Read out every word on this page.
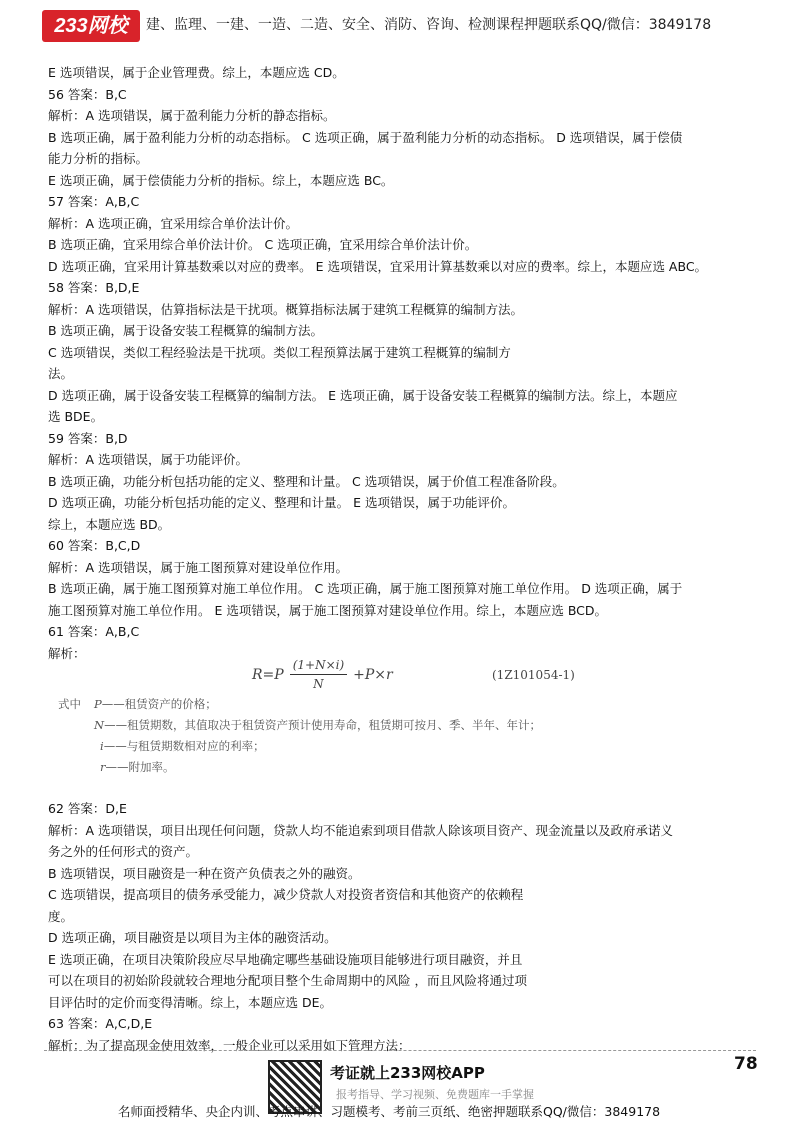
233网校	建、监理、一建、一造、二造、安全、消防、咨询、检测课程押题联系QQ/微信：3849178
E 选项错误，属于企业管理费。综上，本题应选 CD。
56 答案：B,C
解析：A 选项错误，属于盈利能力分析的静态指标。
B 选项正确，属于盈利能力分析的动态指标。 C 选项正确，属于盈利能力分析的动态指标。 D 选项错误，属于偿债
能力分析的指标。
E 选项正确，属于偿债能力分析的指标。综上，本题应选 BC。
57 答案：A,B,C
解析：A 选项正确，宜采用综合单价法计价。
B 选项正确，宜采用综合单价法计价。 C 选项正确，宜采用综合单价法计价。
D 选项正确，宜采用计算基数乘以对应的费率。 E 选项错误，宜采用计算基数乘以对应的费率。综上，本题应选 ABC。
58 答案：B,D,E
解析：A 选项错误，估算指标法是干扰项。概算指标法属于建筑工程概算的编制方法。
B 选项正确，属于设备安装工程概算的编制方法。
C 选项错误，类似工程经验法是干扰项。类似工程预算法属于建筑工程概算的编制方
法。
D 选项正确，属于设备安装工程概算的编制方法。 E 选项正确，属于设备安装工程概算的编制方法。综上，本题应
选 BDE。
59 答案：B,D
解析：A 选项错误，属于功能评价。
B 选项正确，功能分析包括功能的定义、整理和计量。 C 选项错误，属于价值工程准备阶段。
D 选项正确，功能分析包括功能的定义、整理和计量。 E 选项错误，属于功能评价。
综上，本题应选 BD。
60 答案：B,C,D
解析：A 选项错误，属于施工图预算对建设单位作用。
B 选项正确，属于施工图预算对施工单位作用。 C 选项正确，属于施工图预算对施工单位作用。 D 选项正确，属于
施工图预算对施工单位作用。 E 选项错误，属于施工图预算对建设单位作用。综上，本题应选 BCD。
61 答案：A,B,C
解析：
$R=P \frac{(1+N\times i)}{N} +P\times r$	(1Z101054-1)
式中 P——租赁资产的价格；
N——租赁期数，其值取决于租赁资产预计使用寿命，租赁期可按月、季、半年、年计；
i——与租赁期数相对应的利率；
r——附加率。
62 答案：D,E
解析：A 选项错误，项目出现任何问题，贷款人均不能追索到项目借款人除该项目资产、现金流量以及政府承诺义
务之外的任何形式的资产。
B 选项错误，项目融资是一种在资产负债表之外的融资。
C 选项错误，提高项目的债务承受能力，减少贷款人对投资者资信和其他资产的依赖程
度。
D 选项正确，项目融资是以项目为主体的融资活动。
E 选项正确，在项目决策阶段应尽早地确定哪些基础设施项目能够进行项目融资，并且
可以在项目的初始阶段就较合理地分配项目整个生命周期中的风险 ，而且风险将通过项
目评估时的定价而变得清晰。综上，本题应选 DE。
63 答案：A,C,D,E
解析：为了提高现金使用效率，一般企业可以采用如下管理方法：
78
考证就上233网校APP
报考指导、学习视频、免费题库一手掌握
名师面授精华、央企内训、考点串讲、习题模考、考前三页纸、绝密押题联系QQ/微信：3849178
